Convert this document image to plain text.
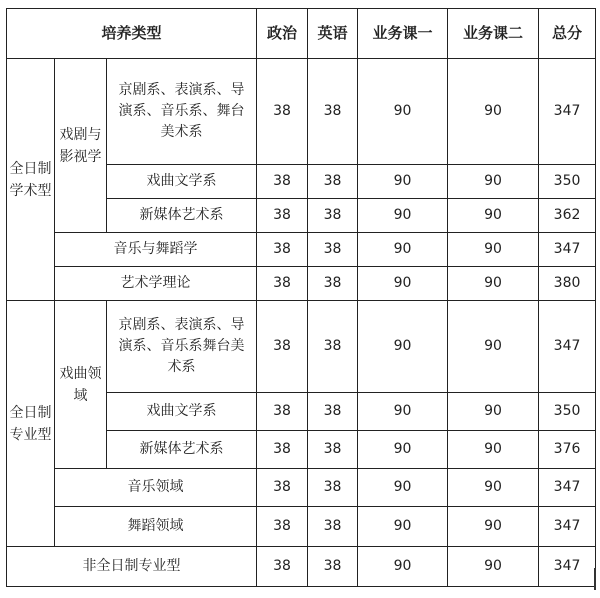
培养类型			政治	英语	业务课一	业务课二	总分
全日制学术型	戏剧与影视学	京剧系、表演系、导演系、音乐系、舞台美术系	38	38	90	90	347
		戏曲文学系	38	38	90	90	350
		新媒体艺术系	38	38	90	90	362
	音乐与舞蹈学		38	38	90	90	347
	艺术学理论		38	38	90	90	380
全日制专业型	戏曲领域	京剧系、表演系、导演系、音乐系舞台美术系	38	38	90	90	347
		戏曲文学系	38	38	90	90	350
		新媒体艺术系	38	38	90	90	376
	音乐领域		38	38	90	90	347
	舞蹈领域		38	38	90	90	347
非全日制专业型			38	38	90	90	347
